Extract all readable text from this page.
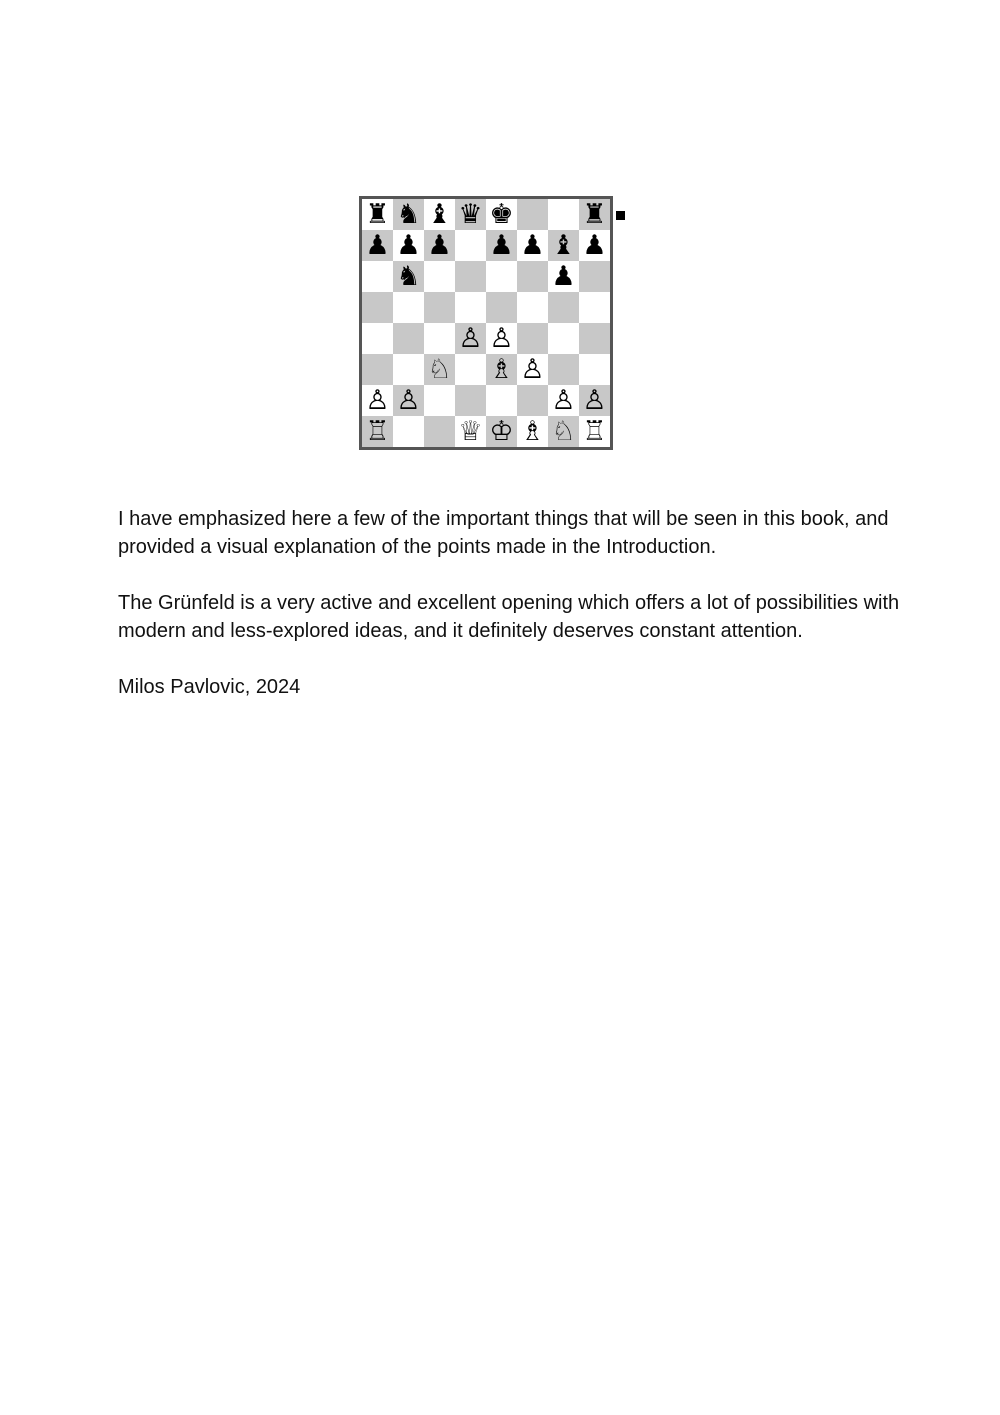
♜ ♞ ♝ ♛ ♚	♜
♟ ♟ ♟ ♟ ♟ ♝ ♟
♞	♟
♙ ♙
♘ ♗ ♙
♙ ♙	♙ ♙
♖	♕ ♔ ♗ ♘ ♖

I have emphasized here a few of the important things that will be seen in this book, and provided a visual explanation of the points made in the Introduction.

The Grünfeld is a very active and excellent opening which offers a lot of possibilities with modern and less-explored ideas, and it definitely deserves constant attention.

Milos Pavlovic, 2024
